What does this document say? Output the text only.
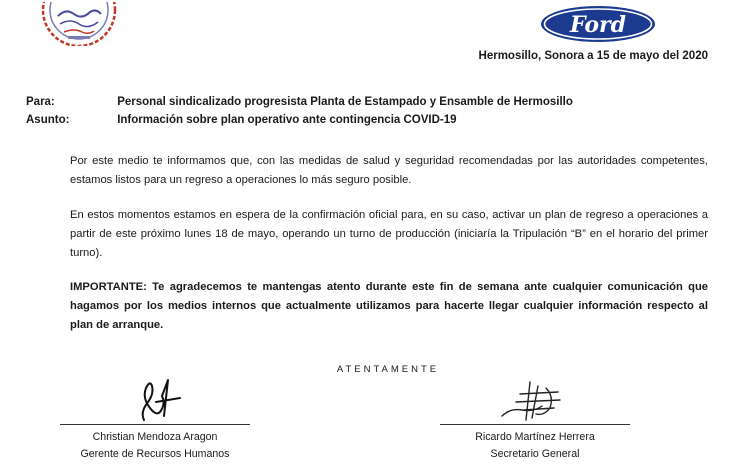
Ford
Hermosillo, Sonora a 15 de mayo del 2020
Para:	Personal sindicalizado progresista Planta de Estampado y Ensamble de Hermosillo
Asunto:	Información sobre plan operativo ante contingencia COVID-19
Por este medio te informamos que, con las medidas de salud y seguridad recomendadas por las autoridades competentes, estamos listos para un regreso a operaciones lo más seguro posible.
En estos momentos estamos en espera de la confirmación oficial para, en su caso, activar un plan de regreso a operaciones a partir de este próximo lunes 18 de mayo, operando un turno de producción (iniciaría la Tripulación “B” en el horario del primer turno).
IMPORTANTE: Te agradecemos te mantengas atento durante este fin de semana ante cualquier comunicación que hagamos por los medios internos que actualmente utilizamos para hacerte llegar cualquier información respecto al plan de arranque.
ATENTAMENTE
Christian Mendoza Aragon
Gerente de Recursos Humanos
Ricardo Martínez Herrera
Secretario General
